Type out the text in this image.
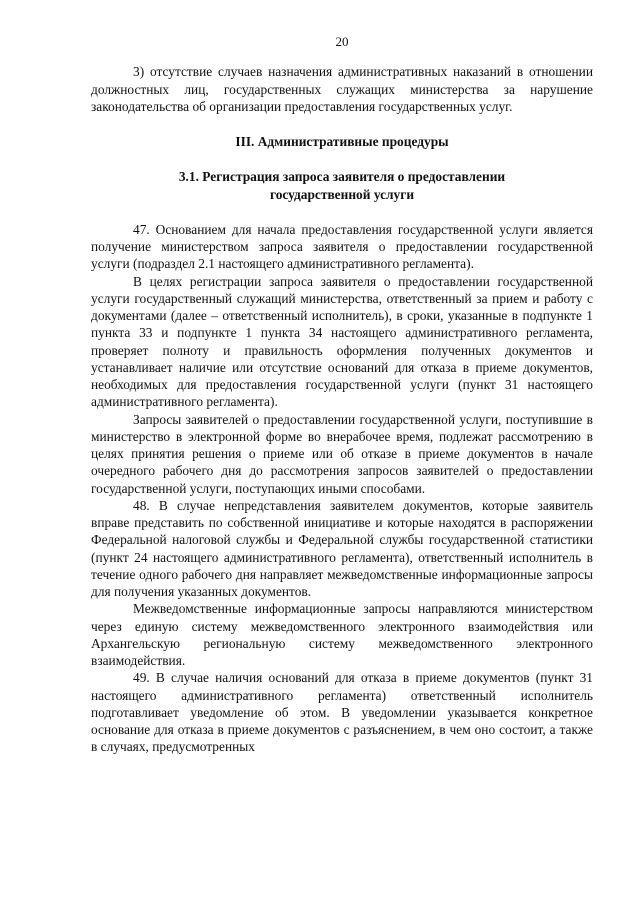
20

3) отсутствие случаев назначения административных наказаний в отношении должностных лиц, государственных служащих министерства за нарушение законодательства об организации предоставления государственных услуг.

III. Административные процедуры
3.1. Регистрация запроса заявителя о предоставлении
государственной услуги

47. Основанием для начала предоставления государственной услуги является получение министерством запроса заявителя о предоставлении государственной услуги (подраздел 2.1 настоящего административного регламента).

В целях регистрации запроса заявителя о предоставлении государственной услуги государственный служащий министерства, ответственный за прием и работу с документами (далее – ответственный исполнитель), в сроки, указанные в подпункте 1 пункта 33 и подпункте 1 пункта 34 настоящего административного регламента, проверяет полноту и правильность оформления полученных документов и устанавливает наличие или отсутствие оснований для отказа в приеме документов, необходимых для предоставления государственной услуги (пункт 31 настоящего административного регламента).

Запросы заявителей о предоставлении государственной услуги, поступившие в министерство в электронной форме во внерабочее время, подлежат рассмотрению в целях принятия решения о приеме или об отказе в приеме документов в начале очередного рабочего дня до рассмотрения запросов заявителей о предоставлении государственной услуги, поступающих иными способами.

48. В случае непредставления заявителем документов, которые заявитель вправе представить по собственной инициативе и которые находятся в распоряжении Федеральной налоговой службы и Федеральной службы государственной статистики (пункт 24 настоящего административного регламента), ответственный исполнитель в течение одного рабочего дня направляет межведомственные информационные запросы для получения указанных документов.

Межведомственные информационные запросы направляются министерством через единую систему межведомственного электронного взаимодействия или Архангельскую региональную систему межведомственного электронного взаимодействия.

49. В случае наличия оснований для отказа в приеме документов (пункт 31 настоящего административного регламента) ответственный исполнитель подготавливает уведомление об этом. В уведомлении указывается конкретное основание для отказа в приеме документов с разъяснением, в чем оно состоит, а также в случаях, предусмотренных
